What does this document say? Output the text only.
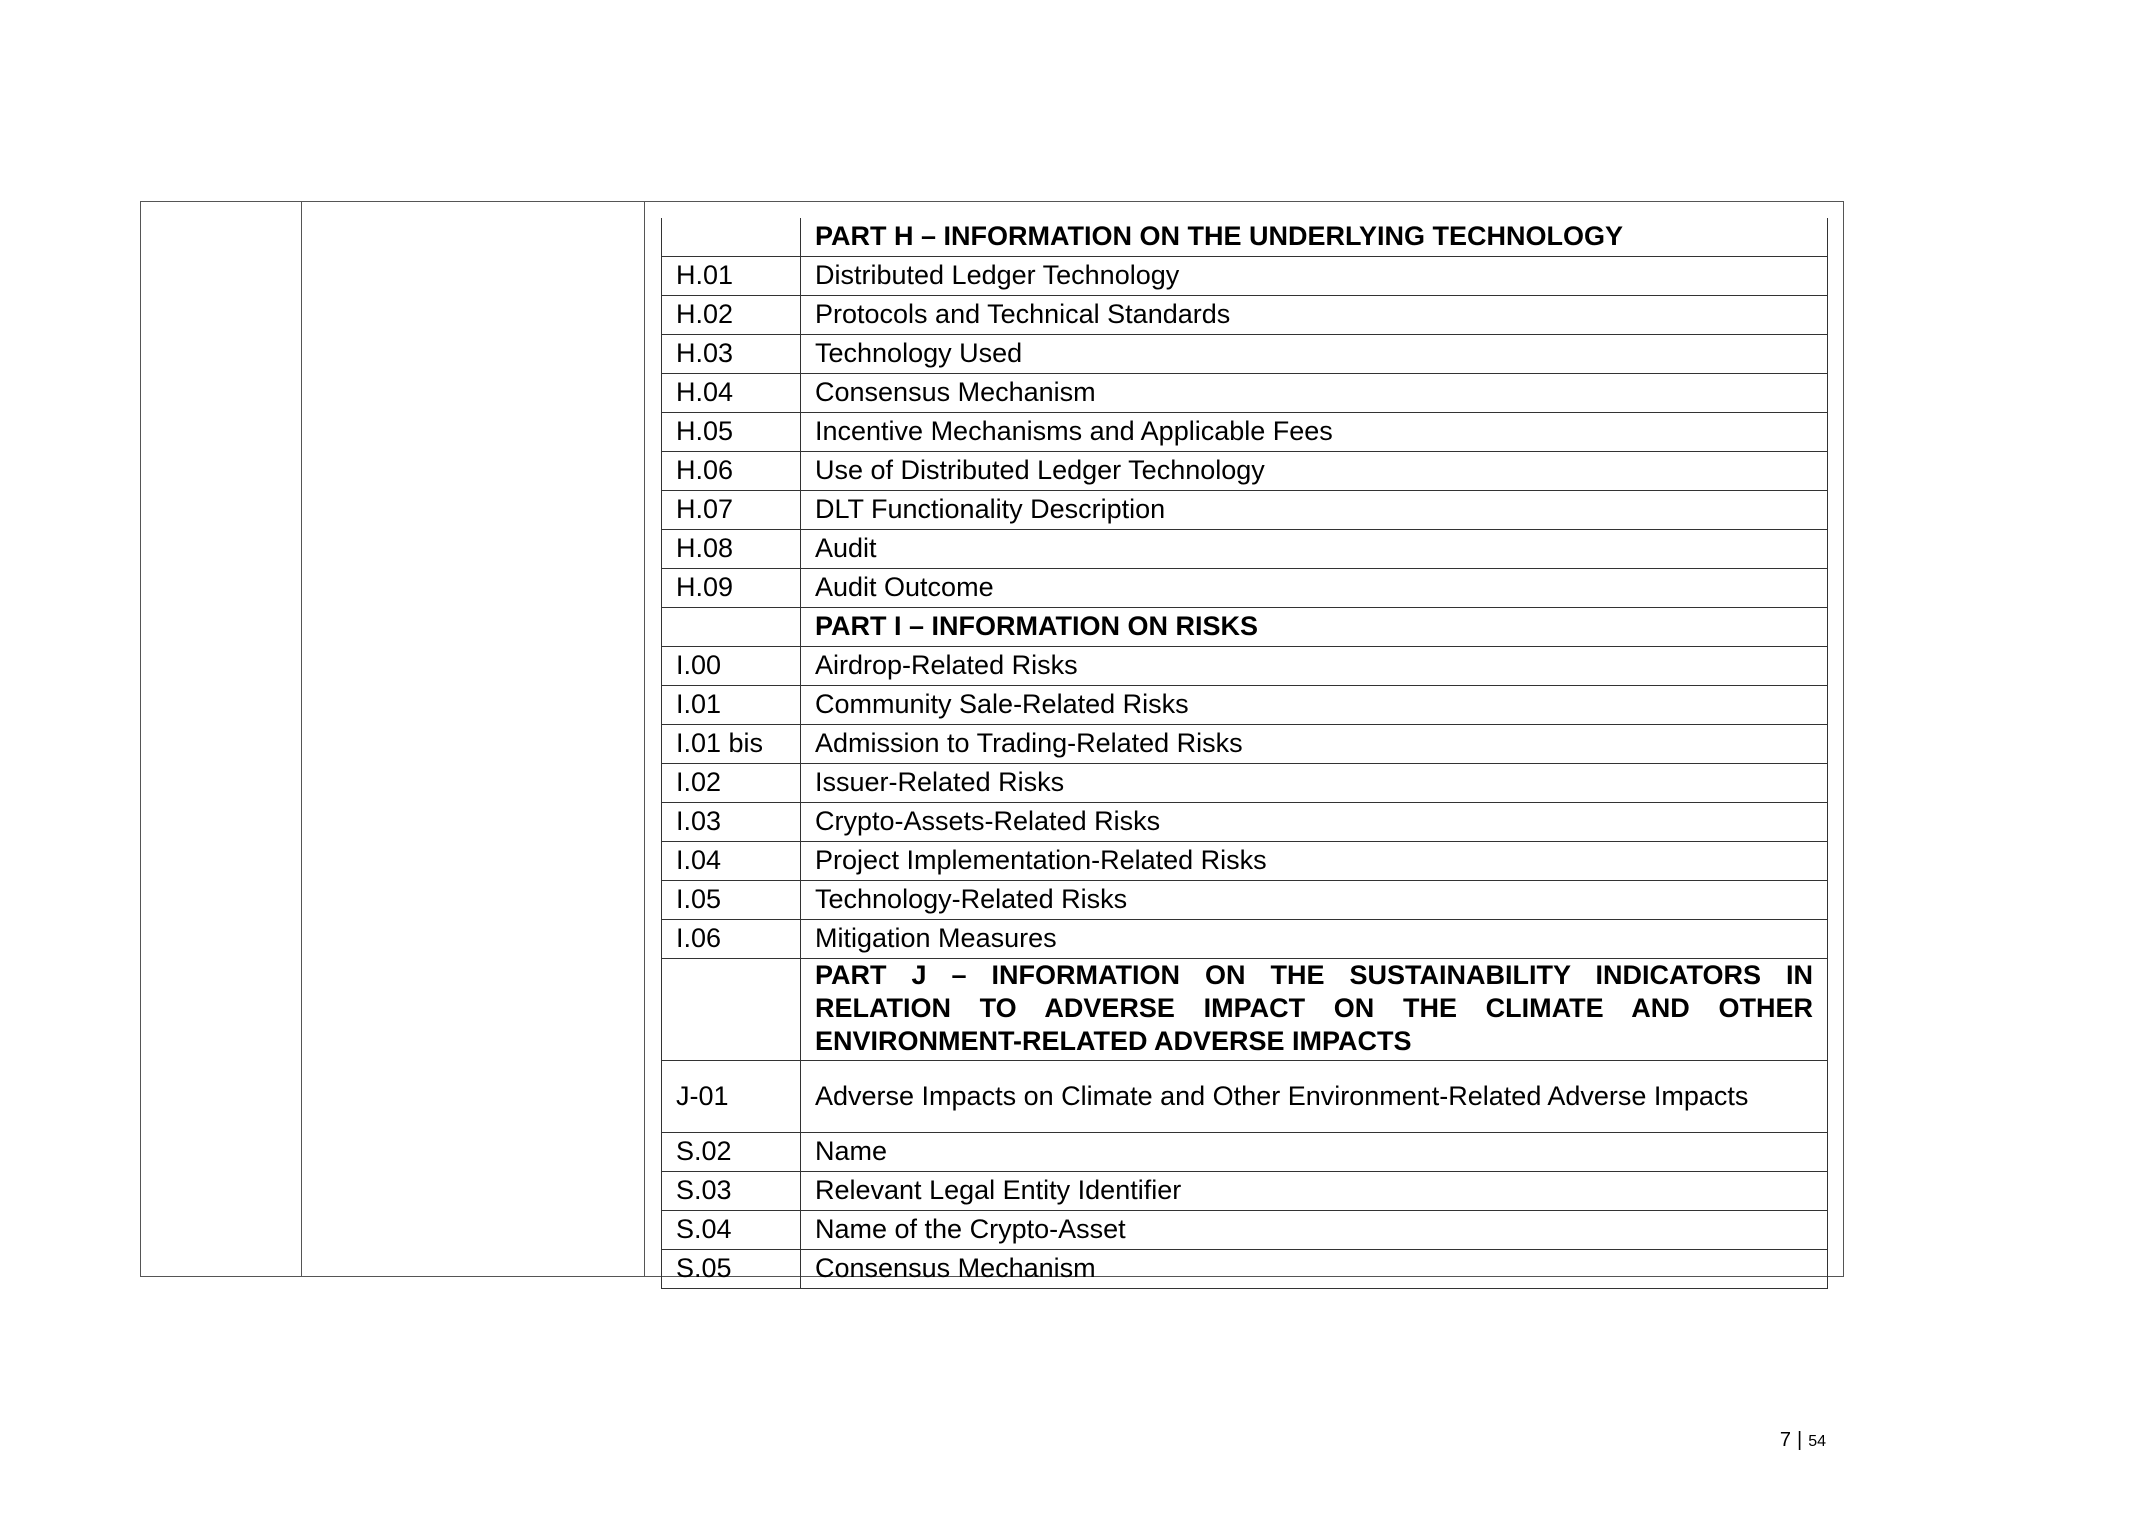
	PART H – INFORMATION ON THE UNDERLYING TECHNOLOGY
H.01	Distributed Ledger Technology
H.02	Protocols and Technical Standards
H.03	Technology Used
H.04	Consensus Mechanism
H.05	Incentive Mechanisms and Applicable Fees
H.06	Use of Distributed Ledger Technology
H.07	DLT Functionality Description
H.08	Audit
H.09	Audit Outcome
	PART I – INFORMATION ON RISKS
I.00	Airdrop-Related Risks
I.01	Community Sale-Related Risks
I.01 bis	Admission to Trading-Related Risks
I.02	Issuer-Related Risks
I.03	Crypto-Assets-Related Risks
I.04	Project Implementation-Related Risks
I.05	Technology-Related Risks
I.06	Mitigation Measures
	PART J – INFORMATION ON THE SUSTAINABILITY INDICATORS IN RELATION TO ADVERSE IMPACT ON THE CLIMATE AND OTHER ENVIRONMENT-RELATED ADVERSE IMPACTS
J-01	Adverse Impacts on Climate and Other Environment-Related Adverse Impacts
S.02	Name
S.03	Relevant Legal Entity Identifier
S.04	Name of the Crypto-Asset
S.05	Consensus Mechanism
7 | 54
